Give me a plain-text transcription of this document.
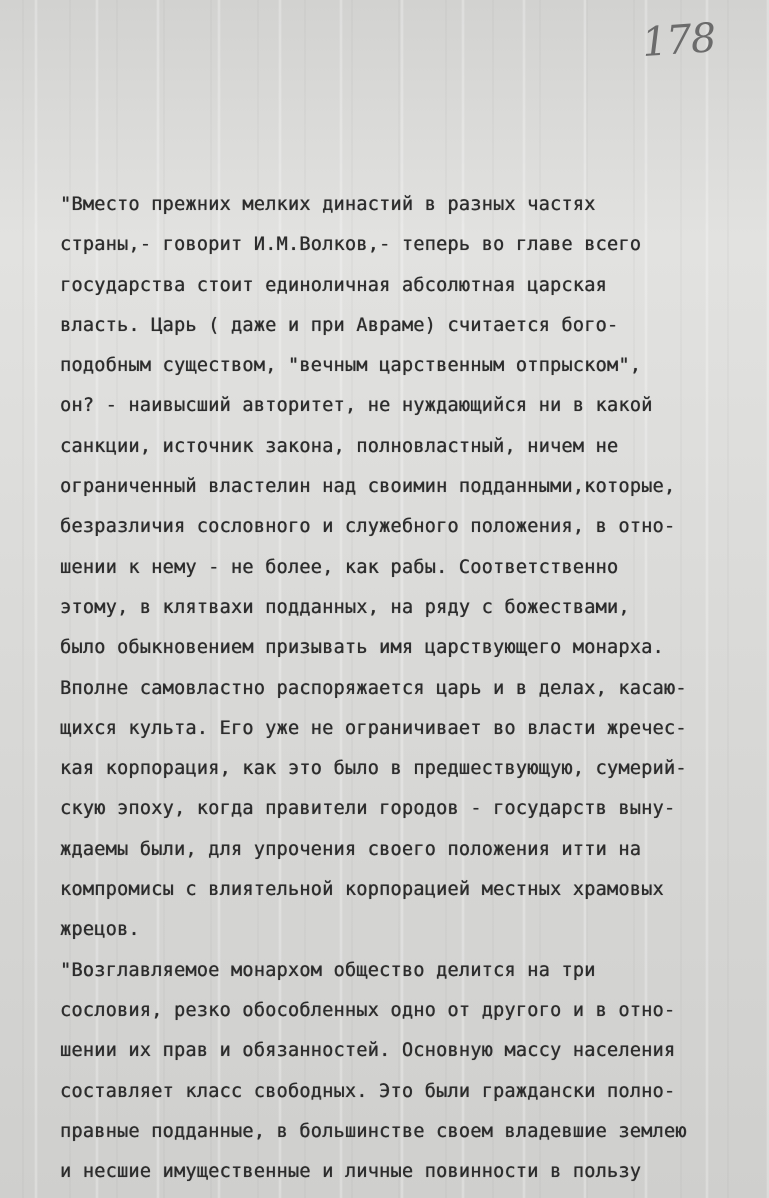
178
"Вместо прежних мелких династий в разных частях
страны,- говорит И.М.Волков,- теперь во главе всего
государства стоит единоличная абсолютная царская
власть. Царь ( даже и при Авраме) считается бого-
подобным существом, "вечным царственным отпрыском",
он? - наивысший авторитет, не нуждающийся ни в какой
санкции, источник закона, полновластный, ничем не
ограниченный властелин над своимин подданными,которые,
безразличия сословного и служебного положения, в отно-
шении к нему - не более, как рабы. Соответственно
этому, в клятвахи подданных, на ряду с божествами,
было обыкновением призывать имя царствующего монарха.
Вполне самовластно распоряжается царь и в делах, касаю-
щихся культа. Его уже не ограничивает во власти жречес-
кая корпорация, как это было в предшествующую, сумерий-
скую эпоху, когда правители городов - государств выну-
ждаемы были, для упрочения своего положения итти на
компромисы с влиятельной корпорацией местных храмовых
жрецов.
"Возглавляемое монархом общество делится на три
сословия, резко обособленных одно от другого и в отно-
шении их прав и обязанностей. Основную массу населения
составляет класс свободных. Это были граждански полно-
правные подданные, в большинстве своем владевшие землею
и несшие имущественные и личные повинности в пользу
